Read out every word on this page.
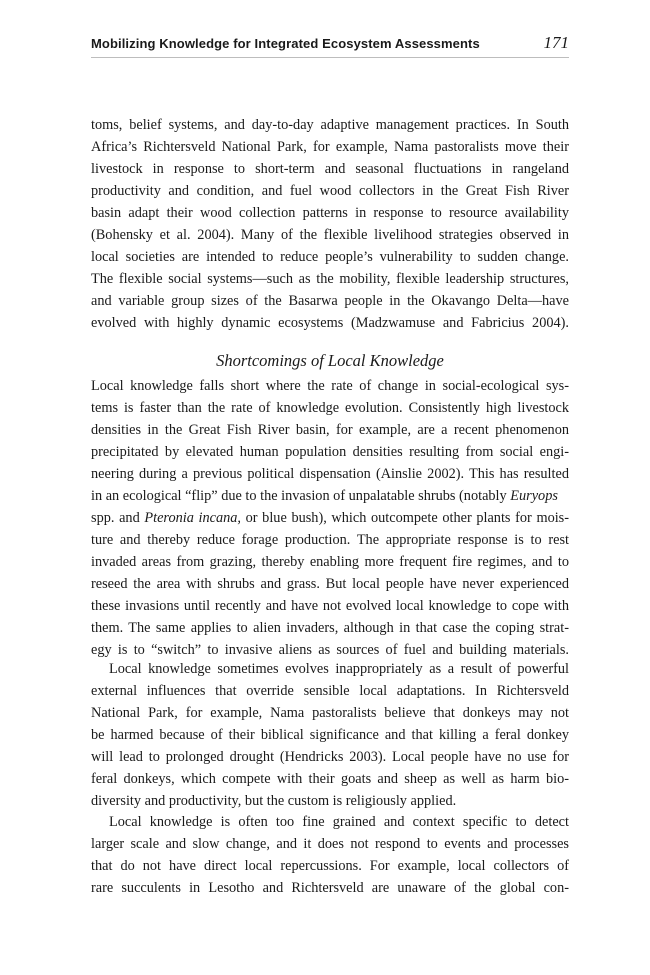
Mobilizing Knowledge for Integrated Ecosystem Assessments	171
toms, belief systems, and day-to-day adaptive management practices. In South
Africa’s Richtersveld National Park, for example, Nama pastoralists move their
livestock in response to short-term and seasonal fluctuations in rangeland
productivity and condition, and fuel wood collectors in the Great Fish River
basin adapt their wood collection patterns in response to resource availability
(Bohensky et al. 2004). Many of the flexible livelihood strategies observed in
local societies are intended to reduce people’s vulnerability to sudden change.
The flexible social systems—such as the mobility, flexible leadership structures,
and variable group sizes of the Basarwa people in the Okavango Delta—have
evolved with highly dynamic ecosystems (Madzwamuse and Fabricius 2004).
Shortcomings of Local Knowledge
Local knowledge falls short where the rate of change in social-ecological sys-
tems is faster than the rate of knowledge evolution. Consistently high livestock
densities in the Great Fish River basin, for example, are a recent phenomenon
precipitated by elevated human population densities resulting from social engi-
neering during a previous political dispensation (Ainslie 2002). This has resulted
in an ecological “flip” due to the invasion of unpalatable shrubs (notably Euryops
spp. and Pteronia incana, or blue bush), which outcompete other plants for mois-
ture and thereby reduce forage production. The appropriate response is to rest
invaded areas from grazing, thereby enabling more frequent fire regimes, and to
reseed the area with shrubs and grass. But local people have never experienced
these invasions until recently and have not evolved local knowledge to cope with
them. The same applies to alien invaders, although in that case the coping strat-
egy is to “switch” to invasive aliens as sources of fuel and building materials.
Local knowledge sometimes evolves inappropriately as a result of powerful
external influences that override sensible local adaptations. In Richtersveld
National Park, for example, Nama pastoralists believe that donkeys may not
be harmed because of their biblical significance and that killing a feral donkey
will lead to prolonged drought (Hendricks 2003). Local people have no use for
feral donkeys, which compete with their goats and sheep as well as harm bio-
diversity and productivity, but the custom is religiously applied.
Local knowledge is often too fine grained and context specific to detect
larger scale and slow change, and it does not respond to events and processes
that do not have direct local repercussions. For example, local collectors of
rare succulents in Lesotho and Richtersveld are unaware of the global con-
